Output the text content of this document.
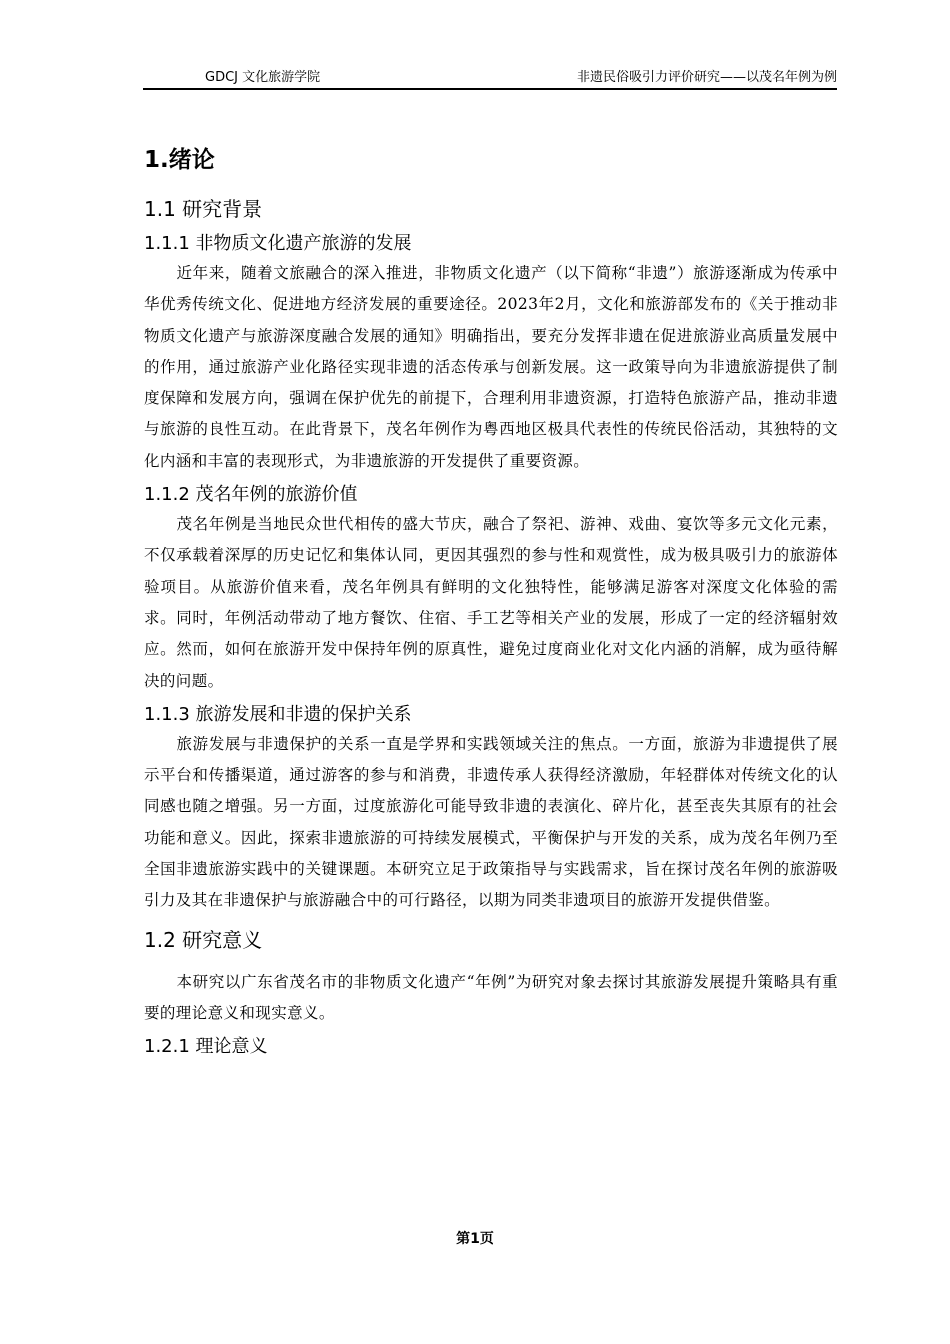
GDCJ 文化旅游学院	非遗民俗吸引力评价研究——以茂名年例为例
1.绪论
1.1 研究背景
1.1.1 非物质文化遗产旅游的发展

近年来，随着文旅融合的深入推进，非物质文化遗产（以下简称“非遗”）旅游逐渐成为传承中华优秀传统文化、促进地方经济发展的重要途径。2023年2月，文化和旅游部发布的《关于推动非物质文化遗产与旅游深度融合发展的通知》明确指出，要充分发挥非遗在促进旅游业高质量发展中的作用，通过旅游产业化路径实现非遗的活态传承与创新发展。这一政策导向为非遗旅游提供了制度保障和发展方向，强调在保护优先的前提下，合理利用非遗资源，打造特色旅游产品，推动非遗与旅游的良性互动。在此背景下，茂名年例作为粤西地区极具代表性的传统民俗活动，其独特的文化内涵和丰富的表现形式，为非遗旅游的开发提供了重要资源。

1.1.2 茂名年例的旅游价值

茂名年例是当地民众世代相传的盛大节庆，融合了祭祀、游神、戏曲、宴饮等多元文化元素，不仅承载着深厚的历史记忆和集体认同，更因其强烈的参与性和观赏性，成为极具吸引力的旅游体验项目。从旅游价值来看，茂名年例具有鲜明的文化独特性，能够满足游客对深度文化体验的需求。同时，年例活动带动了地方餐饮、住宿、手工艺等相关产业的发展，形成了一定的经济辐射效应。然而，如何在旅游开发中保持年例的原真性，避免过度商业化对文化内涵的消解，成为亟待解决的问题。

1.1.3 旅游发展和非遗的保护关系

旅游发展与非遗保护的关系一直是学界和实践领域关注的焦点。一方面，旅游为非遗提供了展示平台和传播渠道，通过游客的参与和消费，非遗传承人获得经济激励，年轻群体对传统文化的认同感也随之增强。另一方面，过度旅游化可能导致非遗的表演化、碎片化，甚至丧失其原有的社会功能和意义。因此，探索非遗旅游的可持续发展模式，平衡保护与开发的关系，成为茂名年例乃至全国非遗旅游实践中的关键课题。本研究立足于政策指导与实践需求，旨在探讨茂名年例的旅游吸引力及其在非遗保护与旅游融合中的可行路径，以期为同类非遗项目的旅游开发提供借鉴。

1.2 研究意义

本研究以广东省茂名市的非物质文化遗产“年例”为研究对象去探讨其旅游发展提升策略具有重要的理论意义和现实意义。

1.2.1 理论意义
第1页
